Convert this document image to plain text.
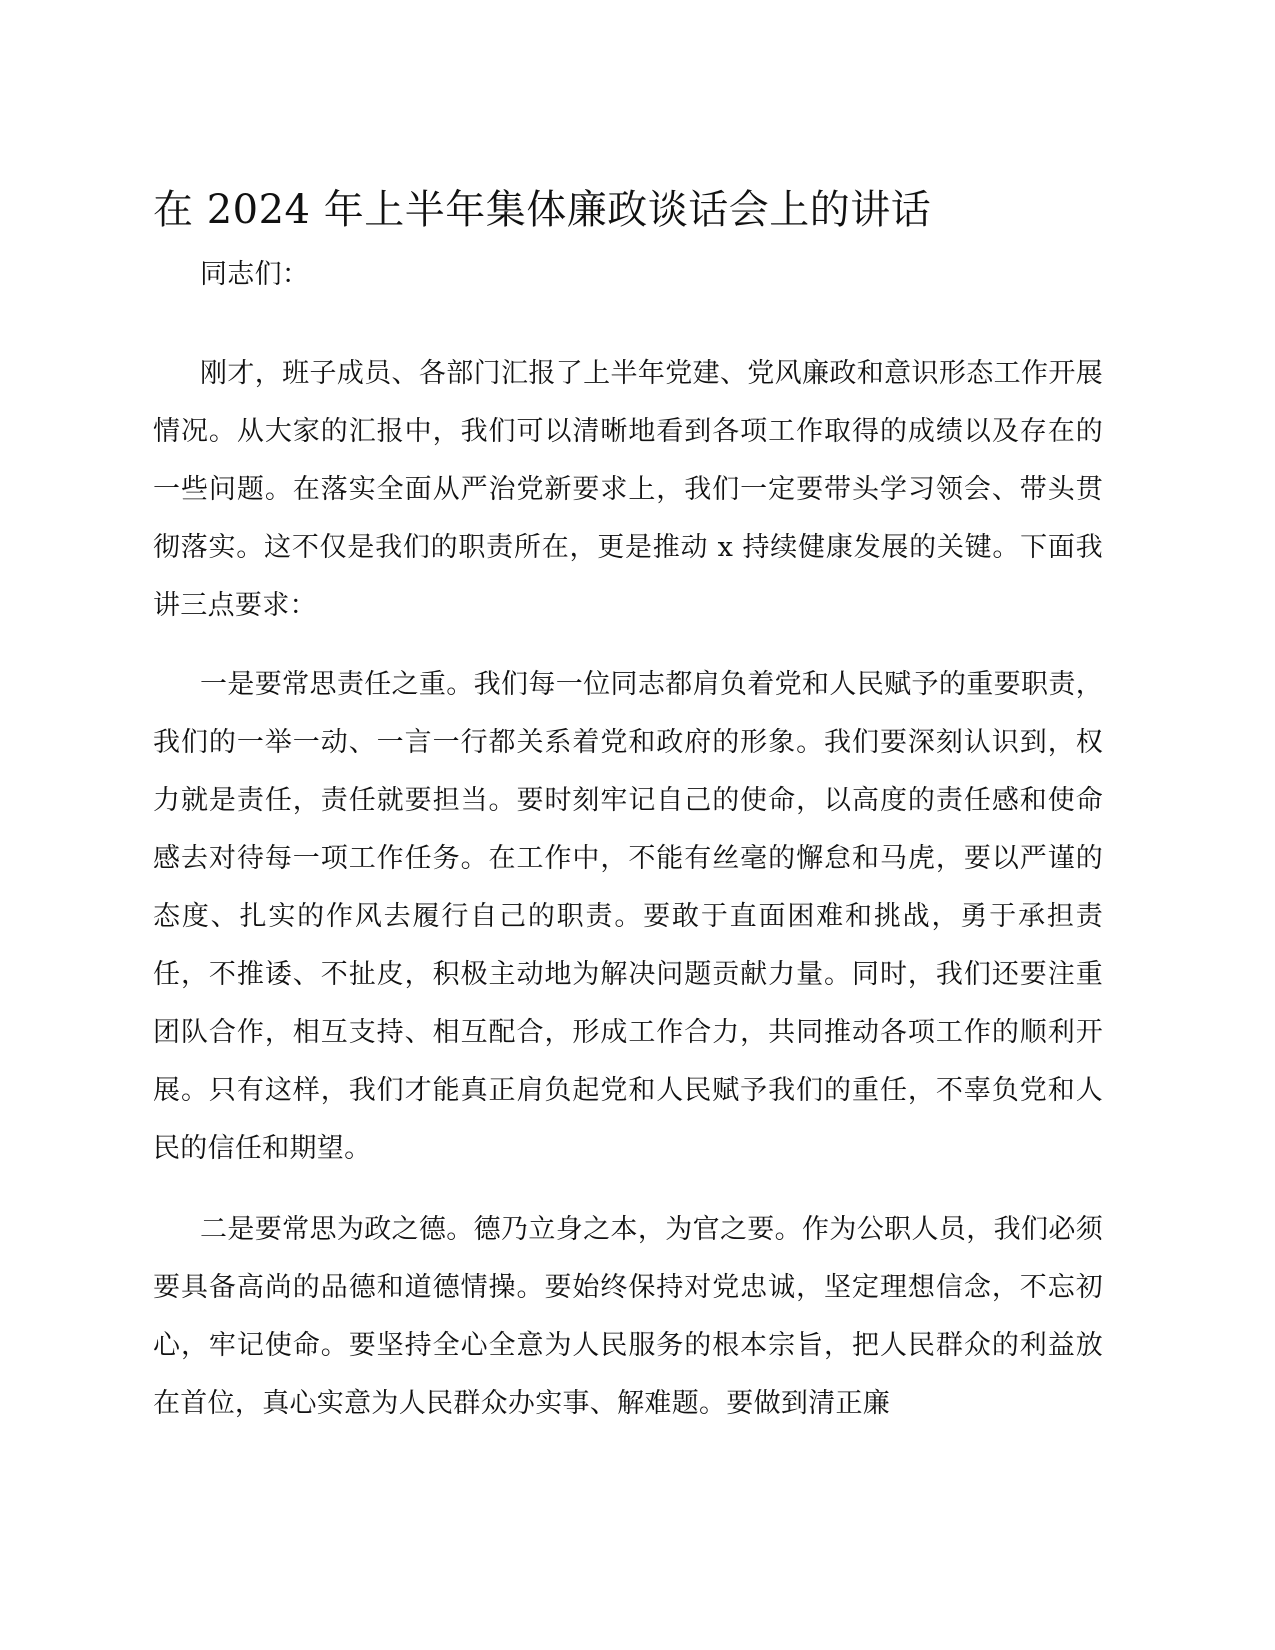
在 2024 年上半年集体廉政谈话会上的讲话

同志们：

刚才，班子成员、各部门汇报了上半年党建、党风廉政和意识形态工作开展情况。从大家的汇报中，我们可以清晰地看到各项工作取得的成绩以及存在的一些问题。在落实全面从严治党新要求上，我们一定要带头学习领会、带头贯彻落实。这不仅是我们的职责所在，更是推动 x 持续健康发展的关键。下面我讲三点要求：

一是要常思责任之重。我们每一位同志都肩负着党和人民赋予的重要职责，我们的一举一动、一言一行都关系着党和政府的形象。我们要深刻认识到，权力就是责任，责任就要担当。要时刻牢记自己的使命，以高度的责任感和使命感去对待每一项工作任务。在工作中，不能有丝毫的懈怠和马虎，要以严谨的态度、扎实的作风去履行自己的职责。要敢于直面困难和挑战，勇于承担责任，不推诿、不扯皮，积极主动地为解决问题贡献力量。同时，我们还要注重团队合作，相互支持、相互配合，形成工作合力，共同推动各项工作的顺利开展。只有这样，我们才能真正肩负起党和人民赋予我们的重任，不辜负党和人民的信任和期望。

二是要常思为政之德。德乃立身之本，为官之要。作为公职人员，我们必须要具备高尚的品德和道德情操。要始终保持对党忠诚，坚定理想信念，不忘初心，牢记使命。要坚持全心全意为人民服务的根本宗旨，把人民群众的利益放在首位，真心实意为人民群众办实事、解难题。要做到清正廉
